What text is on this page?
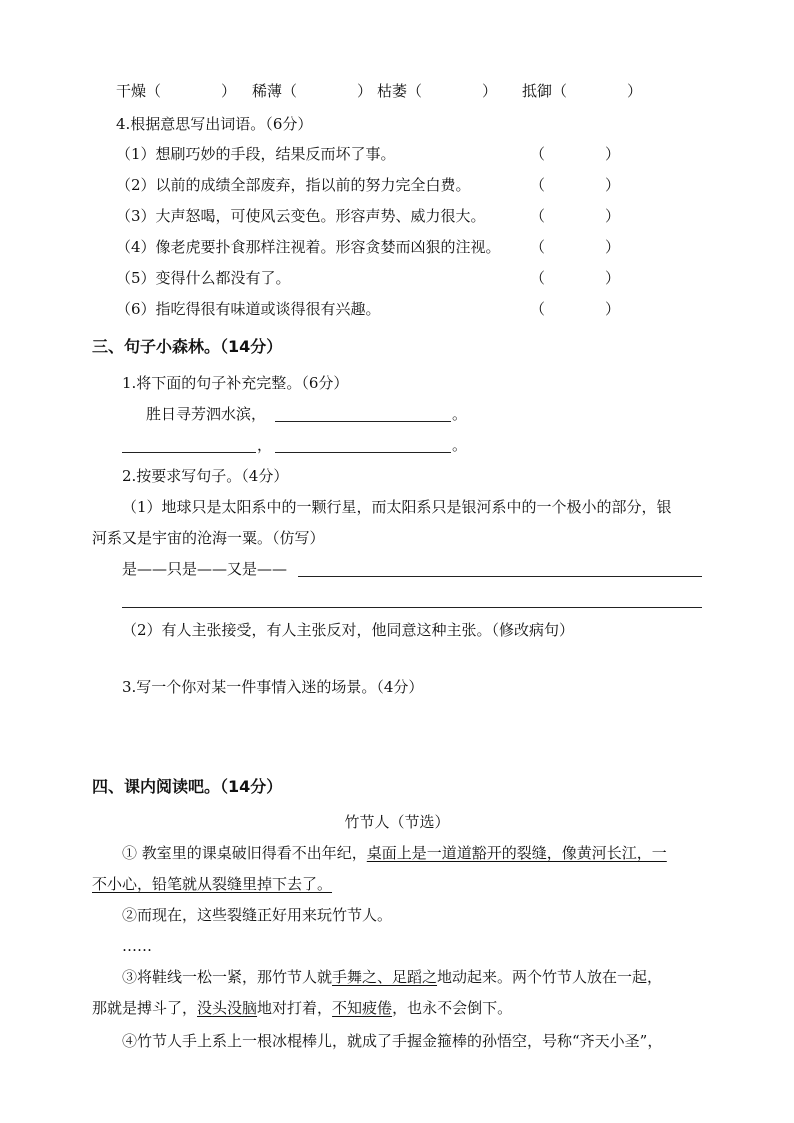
干燥（　　　　） 稀薄（　　　　） 枯萎（　　　　） 抵御（　　　　）
4.根据意思写出词语。（6分）
（1）想刷巧妙的手段，结果反而坏了事。	（　　　　）
（2）以前的成绩全部废弃，指以前的努力完全白费。	（　　　　）
（3）大声怒喝，可使风云变色。形容声势、威力很大。	（　　　　）
（4）像老虎要扑食那样注视着。形容贪婪而凶狠的注视。 （　　　　）
（5）变得什么都没有了。	（　　　　）
（6）指吃得很有味道或谈得很有兴趣。	（　　　　）
三、句子小森林。（14分）
1.将下面的句子补充完整。（6分）
胜日寻芳泗水滨，	。
，	。
2.按要求写句子。（4分）
（1）地球只是太阳系中的一颗行星，而太阳系只是银河系中的一个极小的部分，银
河系又是宇宙的沧海一粟。（仿写）
是——只是——又是——
（2）有人主张接受，有人主张反对，他同意这种主张。（修改病句）
3.写一个你对某一件事情入迷的场景。（4分）
四、课内阅读吧。（14分）
竹节人（节选）
① 教室里的课桌破旧得看不出年纪，桌面上是一道道豁开的裂缝，像黄河长江，一
不小心，铅笔就从裂缝里掉下去了。
②而现在，这些裂缝正好用来玩竹节人。
……
③将鞋线一松一紧，那竹节人就手舞之、足蹈之地动起来。两个竹节人放在一起，
那就是搏斗了，没头没脑地对打着，不知疲倦，也永不会倒下。
④竹节人手上系上一根冰棍棒儿，就成了手握金箍棒的孙悟空，号称“齐天小圣”，
